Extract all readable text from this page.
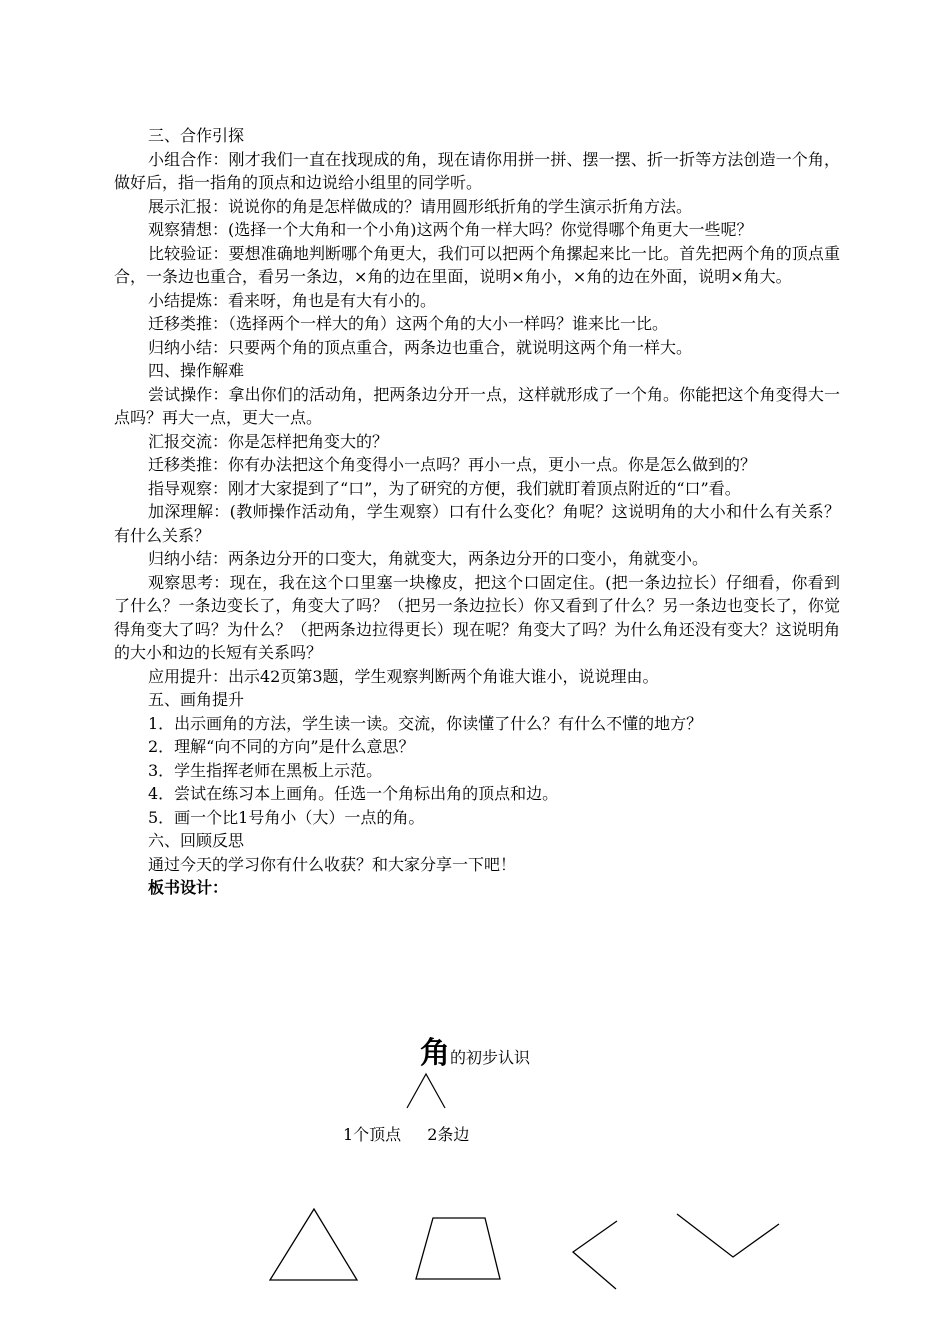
三、合作引探

小组合作：刚才我们一直在找现成的角，现在请你用拼一拼、摆一摆、折一折等方法创造一个角，做好后，指一指角的顶点和边说给小组里的同学听。

展示汇报：说说你的角是怎样做成的？请用圆形纸折角的学生演示折角方法。

观察猜想：(选择一个大角和一个小角)这两个角一样大吗？你觉得哪个角更大一些呢？

比较验证：要想准确地判断哪个角更大，我们可以把两个角摞起来比一比。首先把两个角的顶点重合，一条边也重合，看另一条边，×角的边在里面，说明×角小，×角的边在外面，说明×角大。

小结提炼：看来呀，角也是有大有小的。

迁移类推：（选择两个一样大的角）这两个角的大小一样吗？谁来比一比。

归纳小结：只要两个角的顶点重合，两条边也重合，就说明这两个角一样大。

四、操作解难

尝试操作：拿出你们的活动角，把两条边分开一点，这样就形成了一个角。你能把这个角变得大一点吗？再大一点，更大一点。

汇报交流：你是怎样把角变大的？

迁移类推：你有办法把这个角变得小一点吗？再小一点，更小一点。你是怎么做到的？

指导观察：刚才大家提到了“口”，为了研究的方便，我们就盯着顶点附近的“口”看。

加深理解：(教师操作活动角，学生观察）口有什么变化？角呢？这说明角的大小和什么有关系？有什么关系？

归纳小结：两条边分开的口变大，角就变大，两条边分开的口变小，角就变小。

观察思考：现在，我在这个口里塞一块橡皮，把这个口固定住。(把一条边拉长）仔细看，你看到了什么？一条边变长了，角变大了吗？（把另一条边拉长）你又看到了什么？另一条边也变长了，你觉得角变大了吗？为什么？（把两条边拉得更长）现在呢？角变大了吗？为什么角还没有变大？这说明角的大小和边的长短有关系吗？

应用提升：出示42页第3题，学生观察判断两个角谁大谁小，说说理由。

五、画角提升

1．出示画角的方法，学生读一读。交流，你读懂了什么？有什么不懂的地方？

2．理解“向不同的方向”是什么意思？

3．学生指挥老师在黑板上示范。

4．尝试在练习本上画角。任选一个角标出角的顶点和边。

5．画一个比1号角小（大）一点的角。

六、回顾反思

通过今天的学习你有什么收获？和大家分享一下吧！

板书设计：

角的初步认识
1个顶点 2条边
